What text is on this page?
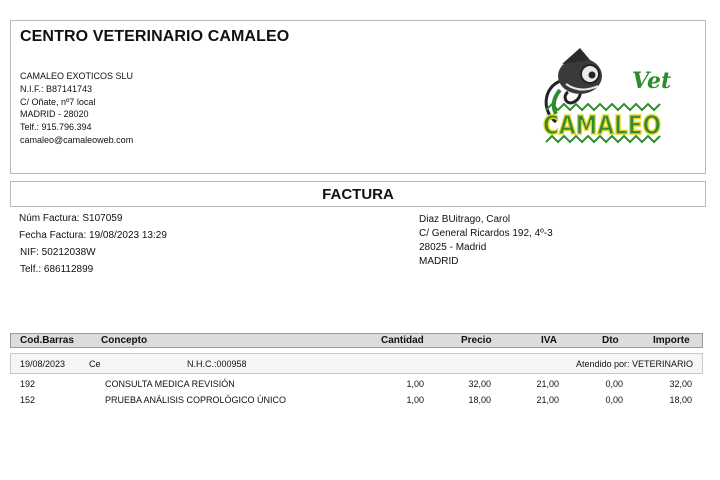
CENTRO VETERINARIO CAMALEO
CAMALEO EXOTICOS SLU
N.I.F.: B87141743
C/ Oñate, nº7 local
MADRID - 28020
Telf.: 915.796.394
camaleo@camaleoweb.com
Vet
CAMALEO
FACTURA
Núm Factura: S107059
Fecha Factura: 19/08/2023 13:29
NIF: 50212038W
Telf.: 686112899
Diaz BUitrago, Carol
C/ General Ricardos 192, 4º-3
28025 - Madrid
MADRID
Cod.Barras	Concepto	Cantidad	Precio	IVA	Dto	Importe
19/08/2023	Ce	N.H.C.:000958	Atendido por: VETERINARIO
192	CONSULTA MEDICA REVISIÓN	1,00	32,00	21,00	0,00	32,00
152	PRUEBA ANÁLISIS COPROLÓGICO ÚNICO	1,00	18,00	21,00	0,00	18,00
